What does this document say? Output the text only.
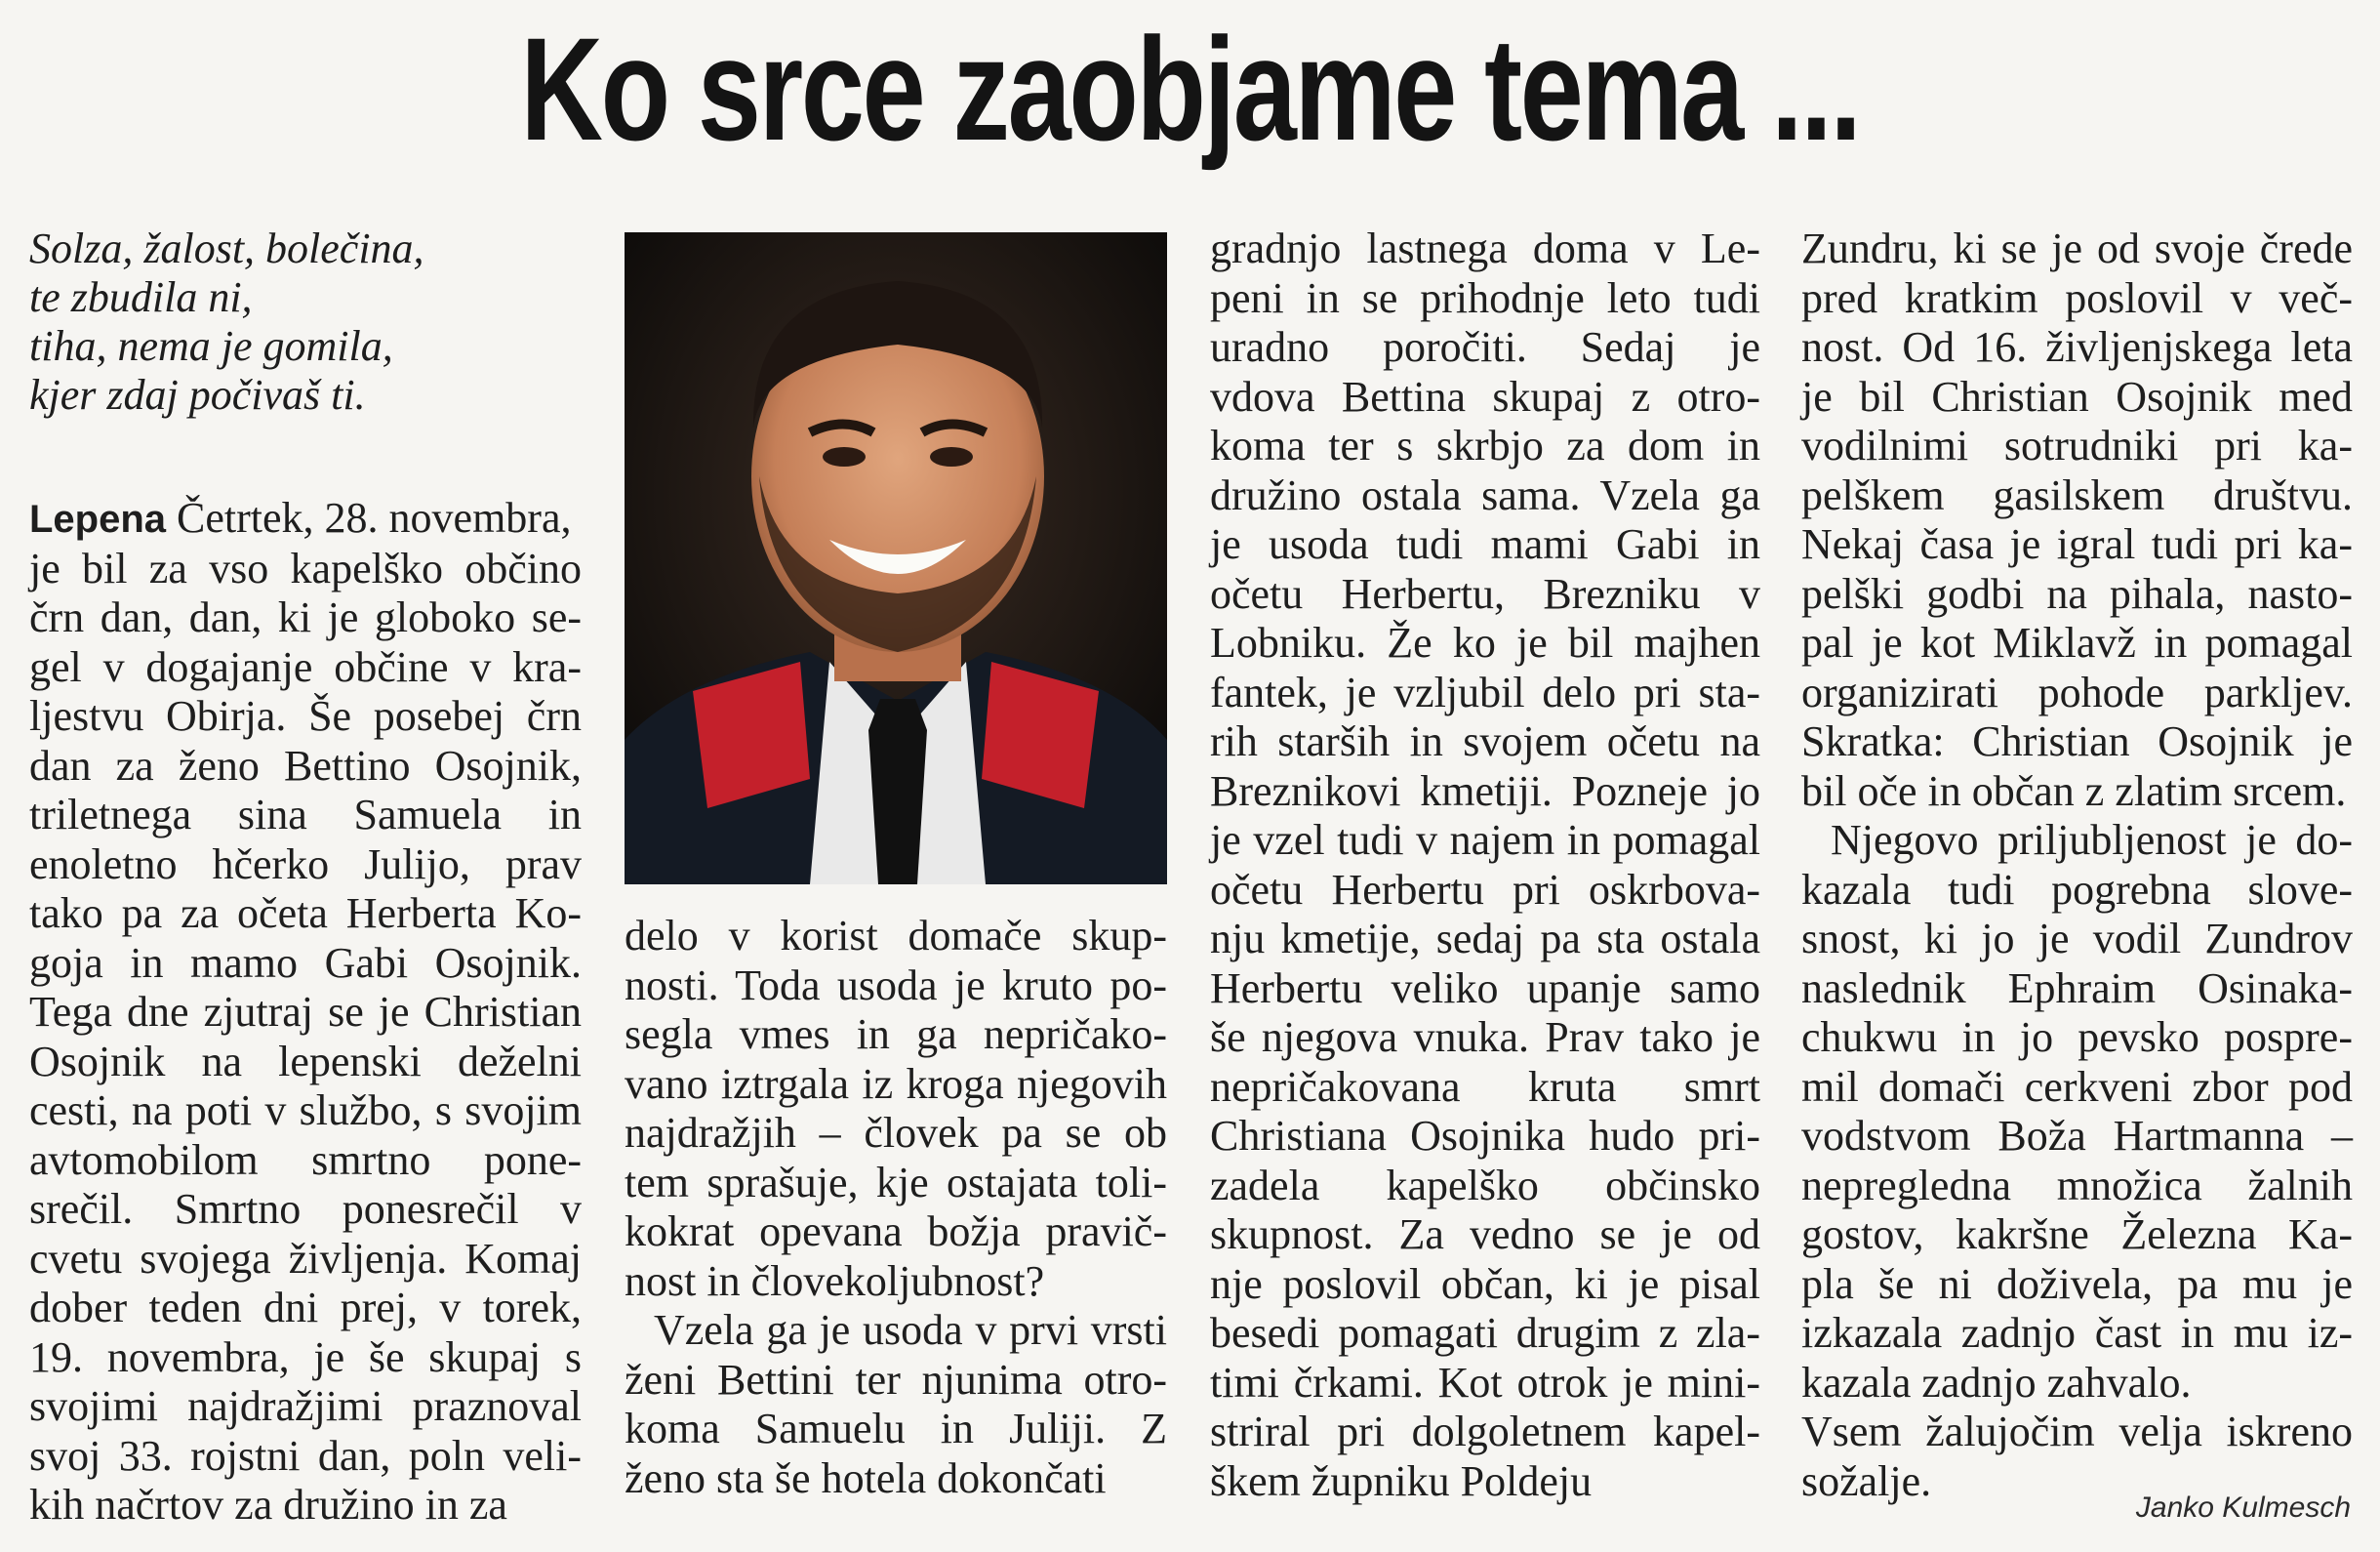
Ko srce zaobjame tema ...
Solza, žalost, bolečina,
te zbudila ni,
tiha, nema je gomila,
kjer zdaj počivaš ti.
Lepena Četrtek, 28. novembra,
je bil za vso kapelško občino
črn dan, dan, ki je globoko se-
gel v dogajanje občine v kra-
ljestvu Obirja. Še posebej črn
dan za ženo Bettino Osojnik,
triletnega sina Samuela in
enoletno hčerko Julijo, prav
tako pa za očeta Herberta Ko-
goja in mamo Gabi Osojnik.
Tega dne zjutraj se je Christian
Osojnik na lepenski deželni
cesti, na poti v službo, s svojim
avtomobilom smrtno pone-
srečil. Smrtno ponesrečil v
cvetu svojega življenja. Komaj
dober teden dni prej, v torek,
19. novembra, je še skupaj s
svojimi najdražjimi praznoval
svoj 33. rojstni dan, poln veli-
kih načrtov za družino in za
delo v korist domače skup-
nosti. Toda usoda je kruto po-
segla vmes in ga nepričako-
vano iztrgala iz kroga njegovih
najdražjih – človek pa se ob
tem sprašuje, kje ostajata toli-
kokrat opevana božja pravič-
nost in človekoljubnost?
Vzela ga je usoda v prvi vrsti
ženi Bettini ter njunima otro-
koma Samuelu in Juliji. Z
ženo sta še hotela dokončati
gradnjo lastnega doma v Le-
peni in se prihodnje leto tudi
uradno poročiti. Sedaj je
vdova Bettina skupaj z otro-
koma ter s skrbjo za dom in
družino ostala sama. Vzela ga
je usoda tudi mami Gabi in
očetu Herbertu, Brezniku v
Lobniku. Že ko je bil majhen
fantek, je vzljubil delo pri sta-
rih starših in svojem očetu na
Breznikovi kmetiji. Pozneje jo
je vzel tudi v najem in pomagal
očetu Herbertu pri oskrbova-
nju kmetije, sedaj pa sta ostala
Herbertu veliko upanje samo
še njegova vnuka. Prav tako je
nepričakovana kruta smrt
Christiana Osojnika hudo pri-
zadela kapelško občinsko
skupnost. Za vedno se je od
nje poslovil občan, ki je pisal
besedi pomagati drugim z zla-
timi črkami. Kot otrok je mini-
striral pri dolgoletnem kapel-
škem župniku Poldeju
Zundru, ki se je od svoje črede
pred kratkim poslovil v več-
nost. Od 16. življenjskega leta
je bil Christian Osojnik med
vodilnimi sotrudniki pri ka-
pelškem gasilskem društvu.
Nekaj časa je igral tudi pri ka-
pelški godbi na pihala, nasto-
pal je kot Miklavž in pomagal
organizirati pohode parkljev.
Skratka: Christian Osojnik je
bil oče in občan z zlatim srcem.
Njegovo priljubljenost je do-
kazala tudi pogrebna slove-
snost, ki jo je vodil Zundrov
naslednik Ephraim Osinaka-
chukwu in jo pevsko pospre-
mil domači cerkveni zbor pod
vodstvom Boža Hartmanna –
nepregledna množica žalnih
gostov, kakršne Železna Ka-
pla še ni doživela, pa mu je
izkazala zadnjo čast in mu iz-
kazala zadnjo zahvalo.
Vsem žalujočim velja iskreno
sožalje.
Janko Kulmesch
